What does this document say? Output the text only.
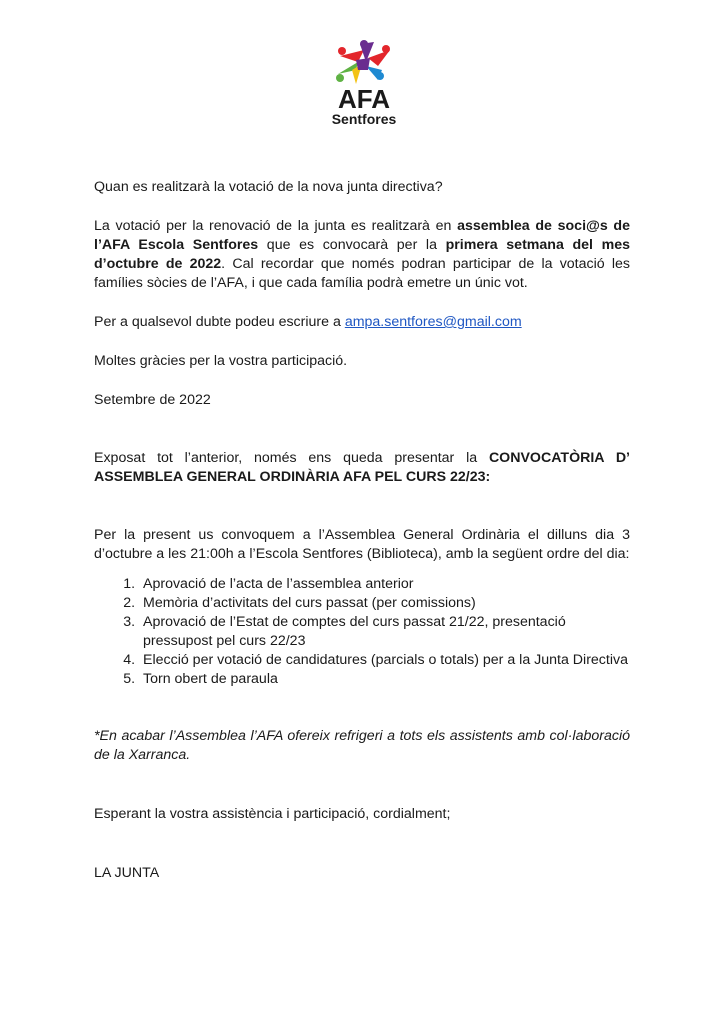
AFA
Sentfores

Quan es realitzarà la votació de la nova junta directiva?

La votació per la renovació de la junta es realitzarà en assemblea de soci@s de l’AFA Escola Sentfores que es convocarà per la primera setmana del mes d’octubre de 2022. Cal recordar que només podran participar de la votació les famílies sòcies de l’AFA, i que cada família podrà emetre un únic vot.

Per a qualsevol dubte podeu escriure a ampa.sentfores@gmail.com

Moltes gràcies per la vostra participació.

Setembre de 2022

Exposat tot l’anterior, només ens queda presentar la CONVOCATÒRIA D’ ASSEMBLEA GENERAL ORDINÀRIA AFA PEL CURS 22/23:

Per la present us convoquem a l’Assemblea General Ordinària el dilluns dia 3 d’octubre a les 21:00h a l’Escola Sentfores (Biblioteca), amb la següent ordre del dia:

1. Aprovació de l’acta de l’assemblea anterior
2. Memòria d’activitats del curs passat (per comissions)
3. Aprovació de l’Estat de comptes del curs passat 21/22, presentació pressupost pel curs 22/23
4. Elecció per votació de candidatures (parcials o totals) per a la Junta Directiva
5. Torn obert de paraula

*En acabar l’Assemblea l’AFA ofereix refrigeri a tots els assistents amb col·laboració de la Xarranca.

Esperant la vostra assistència i participació, cordialment;

LA JUNTA
